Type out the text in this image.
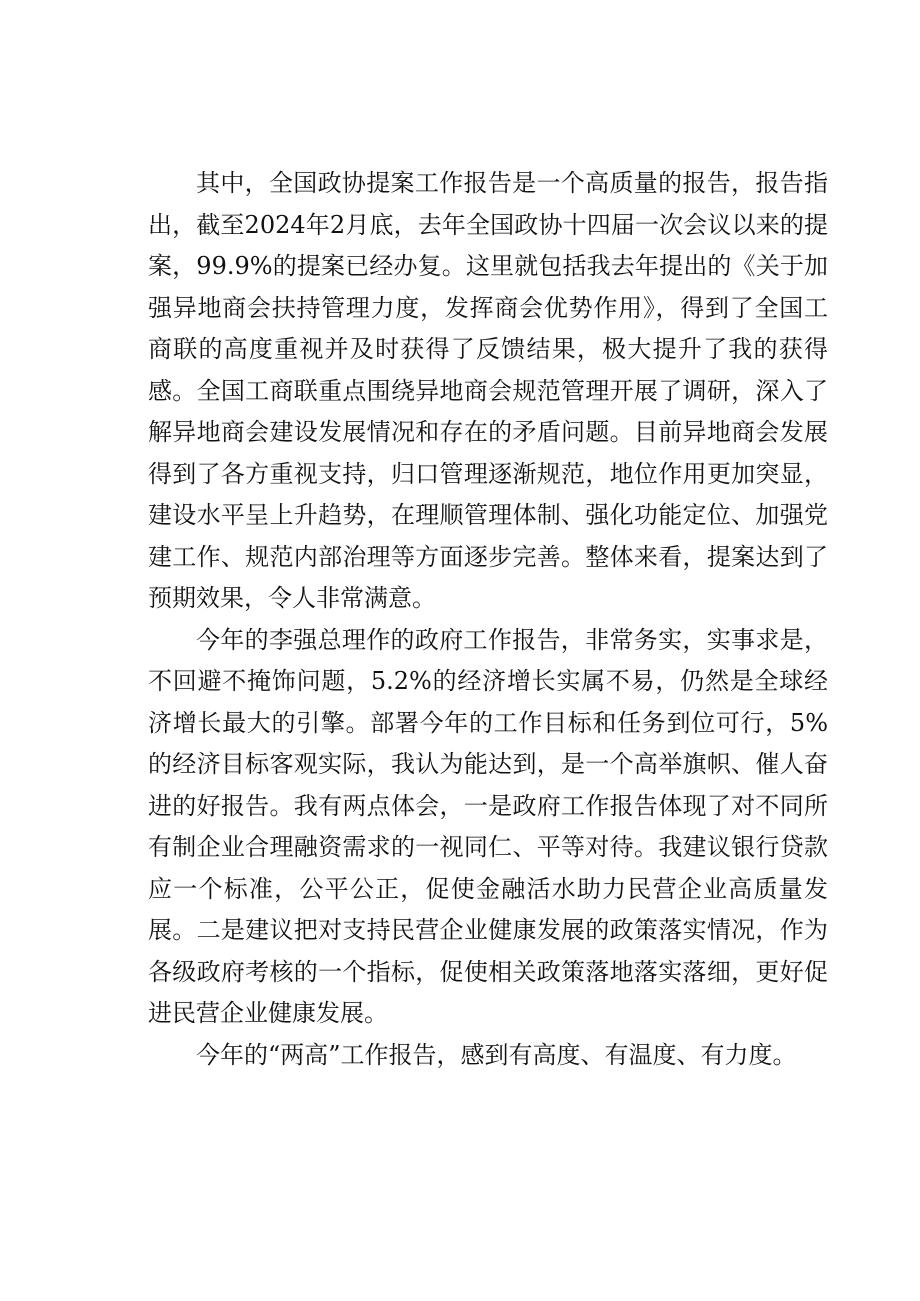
其中，全国政协提案工作报告是一个高质量的报告，报告指出，截至2024年2月底，去年全国政协十四届一次会议以来的提案，99.9%的提案已经办复。这里就包括我去年提出的《关于加强异地商会扶持管理力度，发挥商会优势作用》，得到了全国工商联的高度重视并及时获得了反馈结果，极大提升了我的获得感。全国工商联重点围绕异地商会规范管理开展了调研，深入了解异地商会建设发展情况和存在的矛盾问题。目前异地商会发展得到了各方重视支持，归口管理逐渐规范，地位作用更加突显，建设水平呈上升趋势，在理顺管理体制、强化功能定位、加强党建工作、规范内部治理等方面逐步完善。整体来看，提案达到了预期效果，令人非常满意。

今年的李强总理作的政府工作报告，非常务实，实事求是，不回避不掩饰问题，5.2%的经济增长实属不易，仍然是全球经济增长最大的引擎。部署今年的工作目标和任务到位可行，5%的经济目标客观实际，我认为能达到，是一个高举旗帜、催人奋进的好报告。我有两点体会，一是政府工作报告体现了对不同所有制企业合理融资需求的一视同仁、平等对待。我建议银行贷款应一个标准，公平公正，促使金融活水助力民营企业高质量发展。二是建议把对支持民营企业健康发展的政策落实情况，作为各级政府考核的一个指标，促使相关政策落地落实落细，更好促进民营企业健康发展。

今年的“两高”工作报告，感到有高度、有温度、有力度。
